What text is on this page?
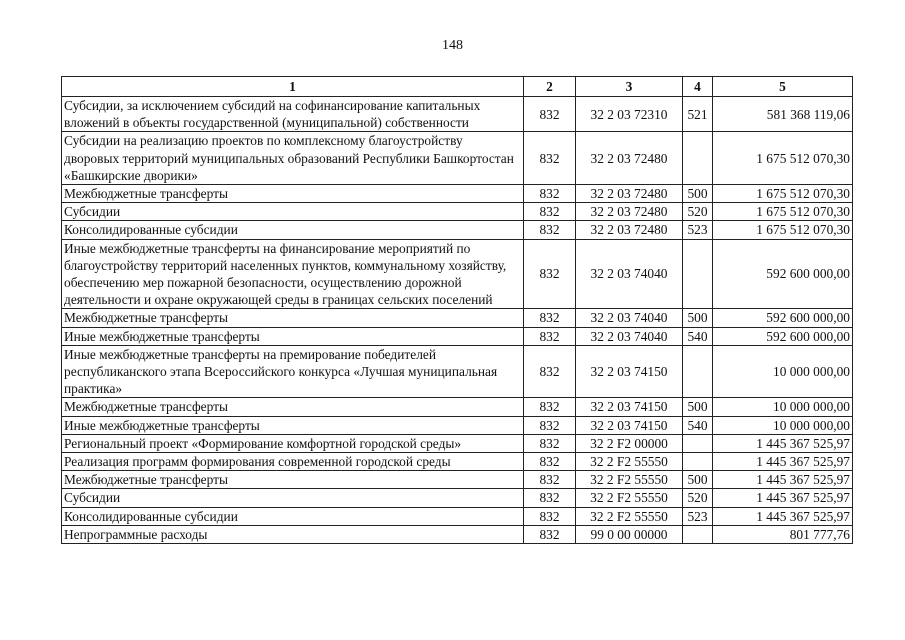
148
1	2	3	4	5
Субсидии, за исключением субсидий на софинансирование капитальных вложений в объекты государственной (муниципальной) собственности	832	32 2 03 72310	521	581 368 119,06
Субсидии на реализацию проектов по комплексному благоустройству дворовых территорий муниципальных образований Республики Башкортостан «Башкирские дворики»	832	32 2 03 72480		1 675 512 070,30
Межбюджетные трансферты	832	32 2 03 72480	500	1 675 512 070,30
Субсидии	832	32 2 03 72480	520	1 675 512 070,30
Консолидированные субсидии	832	32 2 03 72480	523	1 675 512 070,30
Иные межбюджетные трансферты на финансирование мероприятий по благоустройству территорий населенных пунктов, коммунальному хозяйству, обеспечению мер пожарной безопасности, осуществлению дорожной деятельности и охране окружающей среды в границах сельских поселений	832	32 2 03 74040		592 600 000,00
Межбюджетные трансферты	832	32 2 03 74040	500	592 600 000,00
Иные межбюджетные трансферты	832	32 2 03 74040	540	592 600 000,00
Иные межбюджетные трансферты на премирование победителей республиканского этапа Всероссийского конкурса «Лучшая муниципальная практика»	832	32 2 03 74150		10 000 000,00
Межбюджетные трансферты	832	32 2 03 74150	500	10 000 000,00
Иные межбюджетные трансферты	832	32 2 03 74150	540	10 000 000,00
Региональный проект «Формирование комфортной городской среды»	832	32 2 F2 00000		1 445 367 525,97
Реализация программ формирования современной городской среды	832	32 2 F2 55550		1 445 367 525,97
Межбюджетные трансферты	832	32 2 F2 55550	500	1 445 367 525,97
Субсидии	832	32 2 F2 55550	520	1 445 367 525,97
Консолидированные субсидии	832	32 2 F2 55550	523	1 445 367 525,97
Непрограммные расходы	832	99 0 00 00000		801 777,76
